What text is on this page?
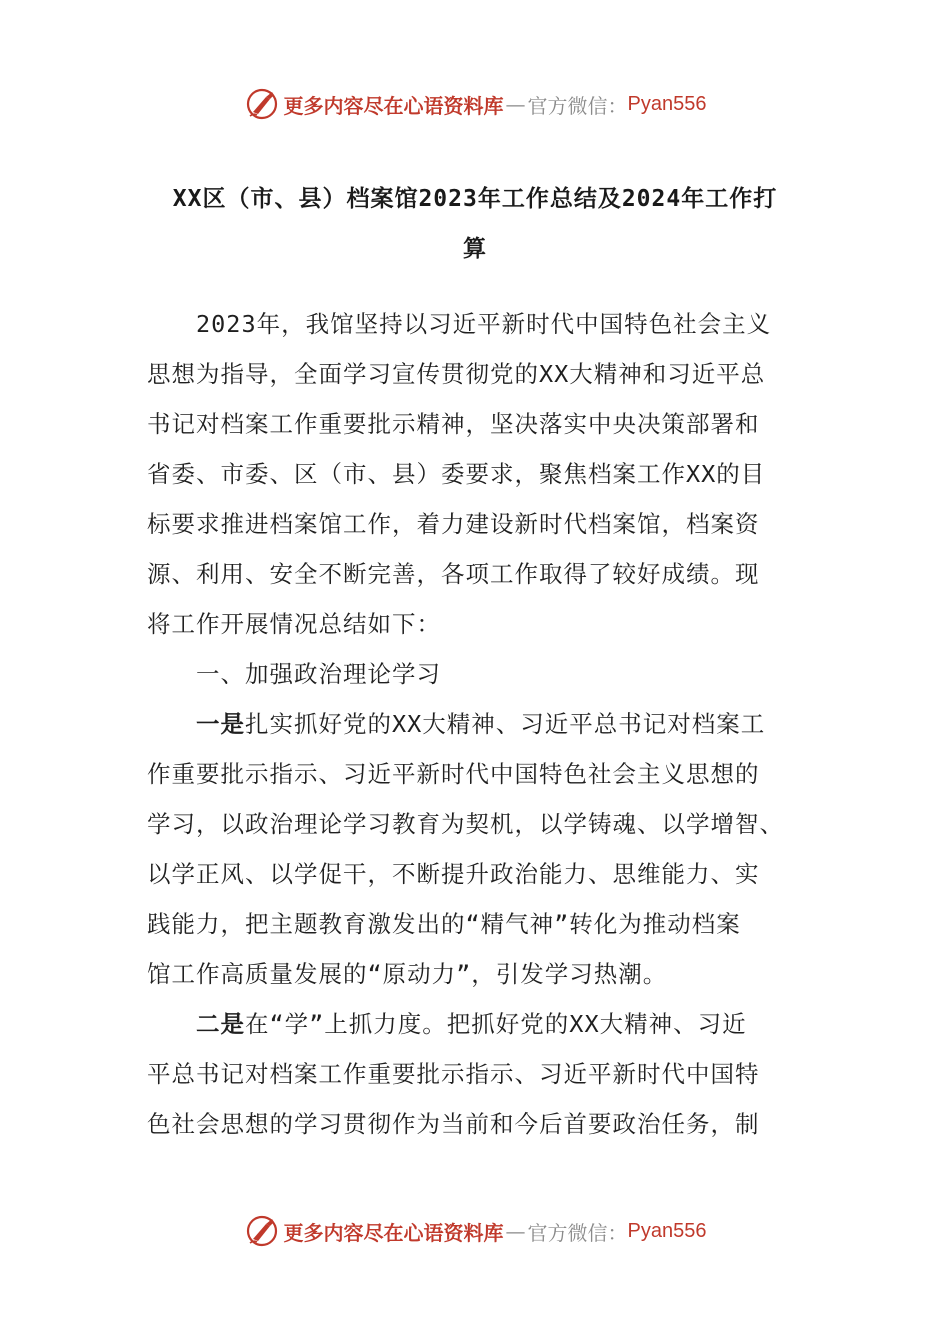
更多内容尽在心语资料库 — 官方微信： Pyan556
XX区（市、县）档案馆2023年工作总结及2024年工作打
算
2023年，我馆坚持以习近平新时代中国特色社会主义
思想为指导，全面学习宣传贯彻党的XX大精神和习近平总
书记对档案工作重要批示精神，坚决落实中央决策部署和
省委、市委、区（市、县）委要求，聚焦档案工作XX的目
标要求推进档案馆工作，着力建设新时代档案馆，档案资
源、利用、安全不断完善，各项工作取得了较好成绩。现
将工作开展情况总结如下：
一、加强政治理论学习
一是扎实抓好党的XX大精神、习近平总书记对档案工
作重要批示指示、习近平新时代中国特色社会主义思想的
学习，以政治理论学习教育为契机，以学铸魂、以学增智、
以学正风、以学促干，不断提升政治能力、思维能力、实
践能力，把主题教育激发出的“精气神”转化为推动档案
馆工作高质量发展的“原动力”，引发学习热潮。
二是在“学”上抓力度。把抓好党的XX大精神、习近
平总书记对档案工作重要批示指示、习近平新时代中国特
色社会思想的学习贯彻作为当前和今后首要政治任务，制
更多内容尽在心语资料库 — 官方微信： Pyan556
